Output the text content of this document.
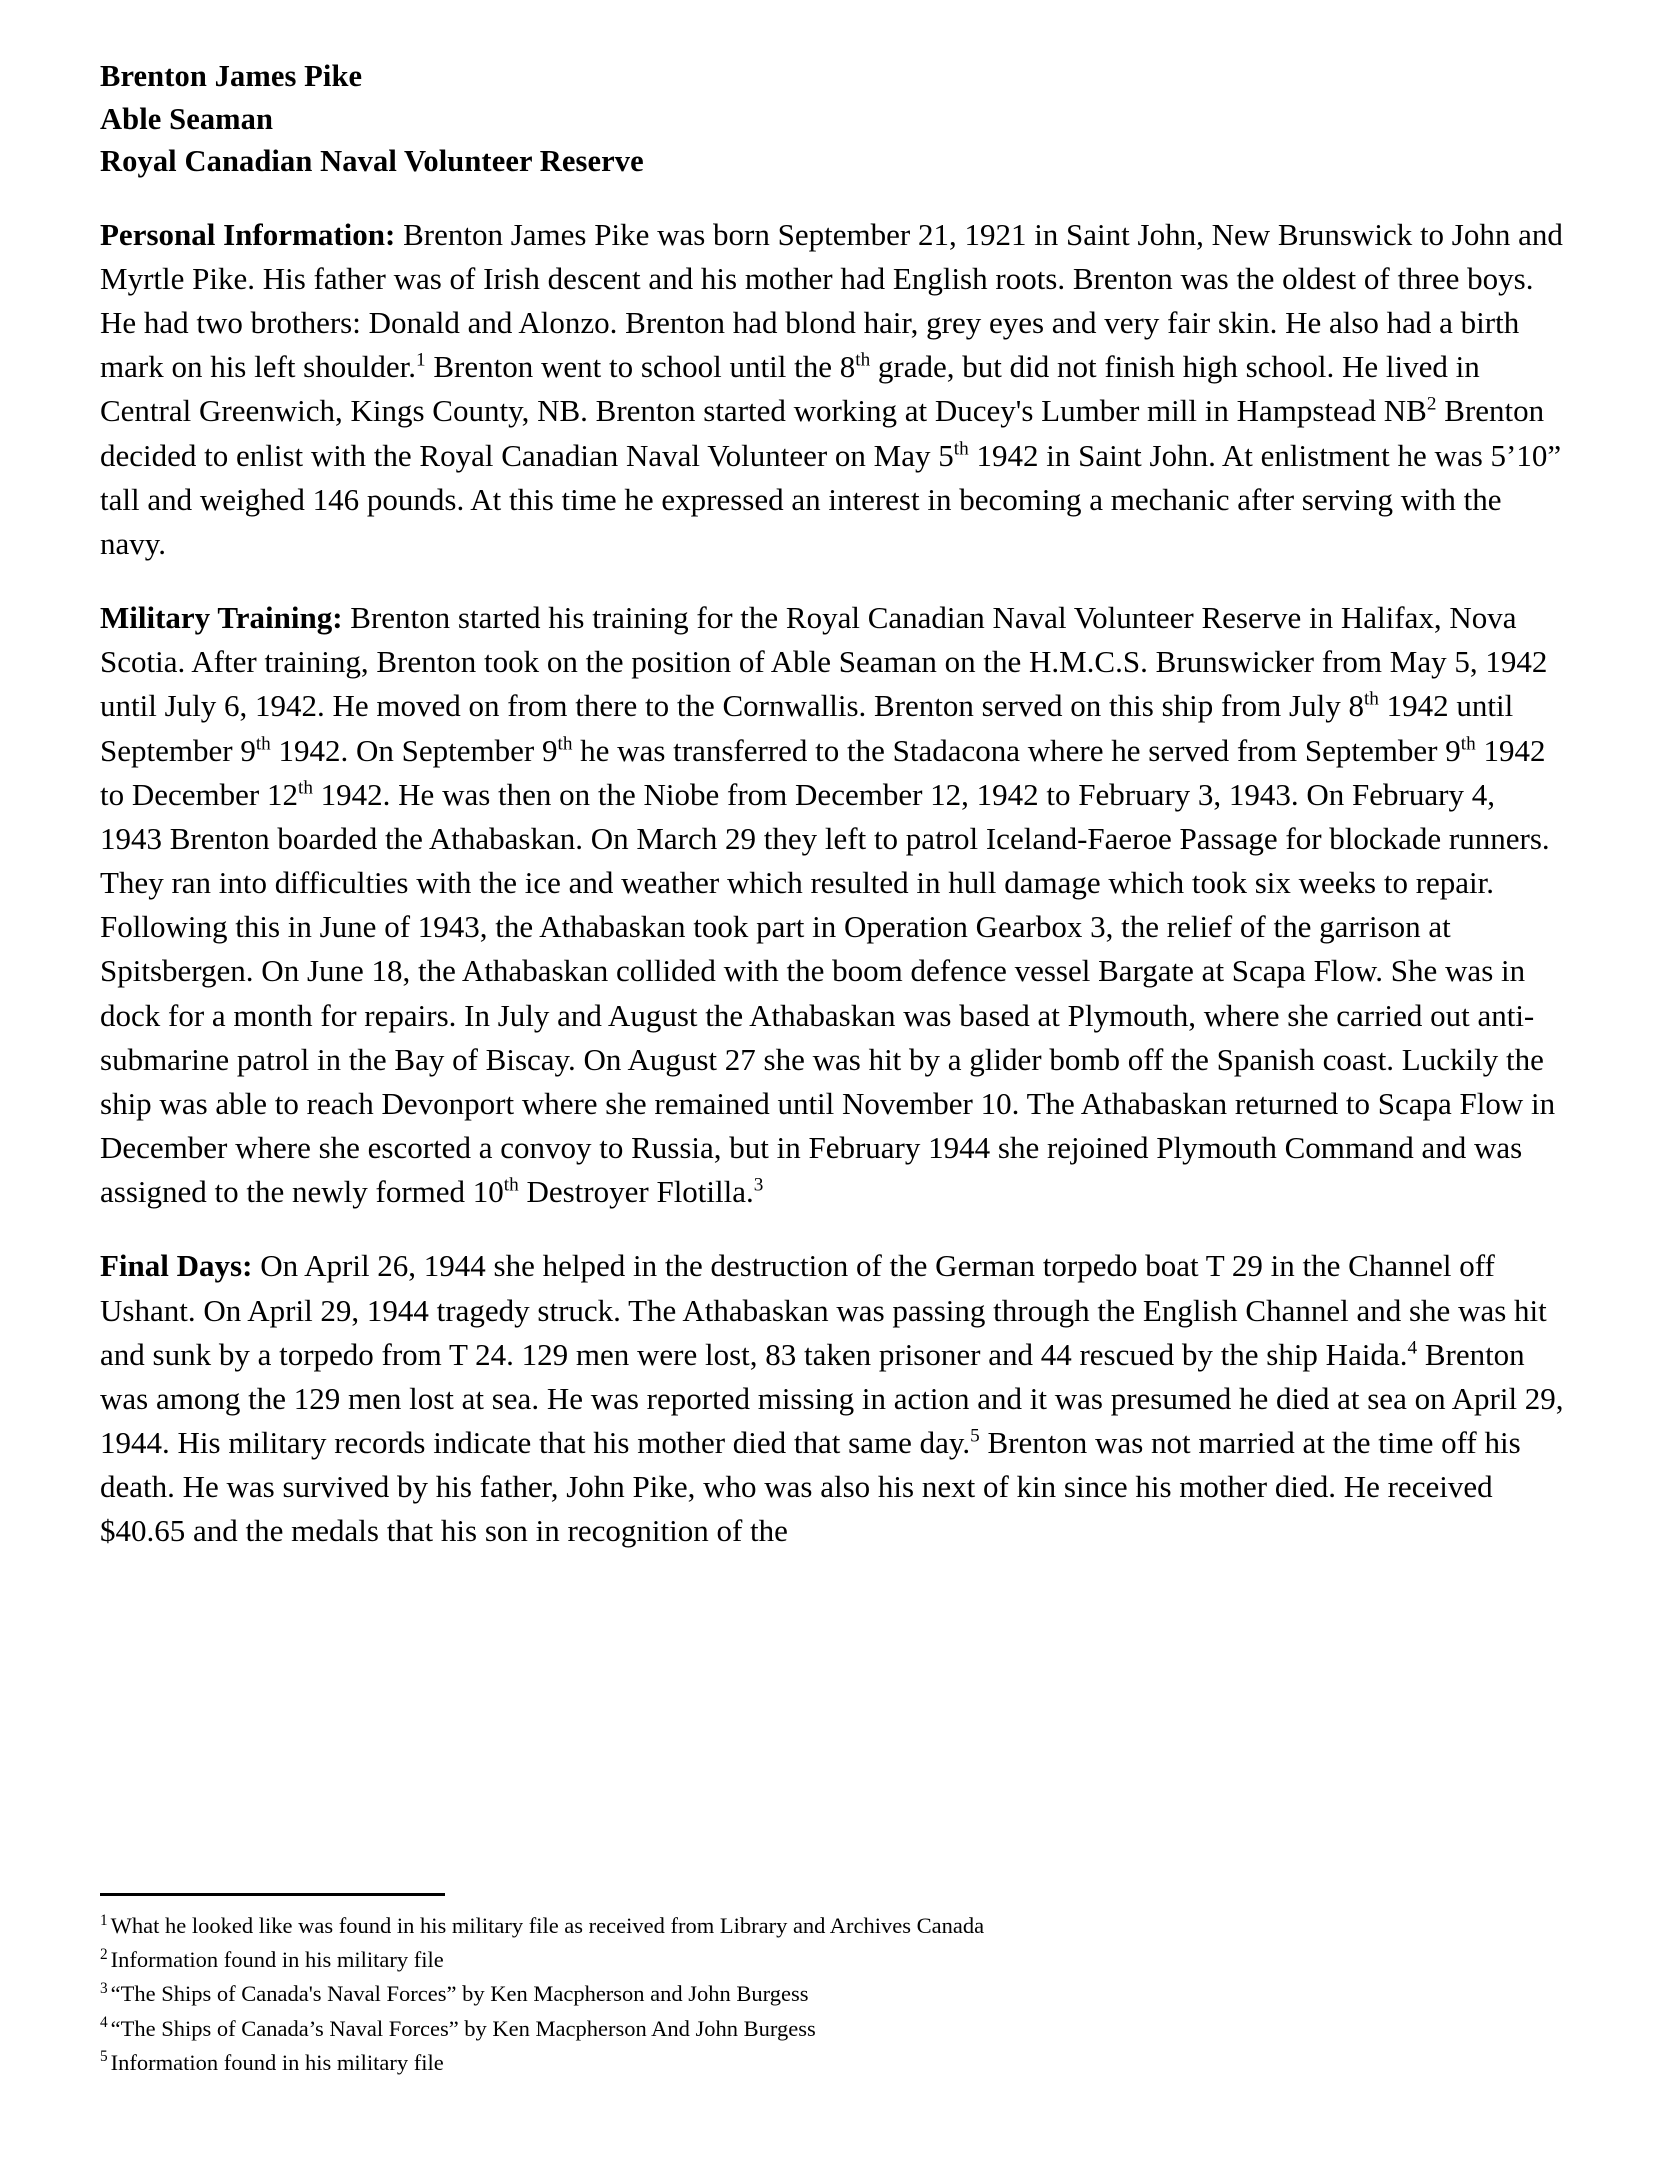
Brenton James Pike
Able Seaman
Royal Canadian Naval Volunteer Reserve

Personal Information: Brenton James Pike was born September 21, 1921 in Saint John, New Brunswick to John and Myrtle Pike. His father was of Irish descent and his mother had English roots. Brenton was the oldest of three boys. He had two brothers: Donald and Alonzo. Brenton had blond hair, grey eyes and very fair skin. He also had a birth mark on his left shoulder.$^1$ Brenton went to school until the 8th grade, but did not finish high school. He lived in Central Greenwich, Kings County, NB. Brenton started working at Ducey's Lumber mill in Hampstead $NB^2$ Brenton decided to enlist with the Royal Canadian Naval Volunteer on May 5th 1942 in Saint John. At enlistment he was 5’10” tall and weighed 146 pounds. At this time he expressed an interest in becoming a mechanic after serving with the navy.

Military Training: Brenton started his training for the Royal Canadian Naval Volunteer Reserve in Halifax, Nova Scotia. After training, Brenton took on the position of Able Seaman on the H.M.C.S. Brunswicker from May 5, 1942 until July 6, 1942. He moved on from there to the Cornwallis. Brenton served on this ship from July 8th 1942 until September 9th 1942. On September 9th he was transferred to the Stadacona where he served from September 9th 1942 to December 12th 1942. He was then on the Niobe from December 12, 1942 to February 3, 1943. On February 4, 1943 Brenton boarded the Athabaskan. On March 29 they left to patrol Iceland-Faeroe Passage for blockade runners. They ran into difficulties with the ice and weather which resulted in hull damage which took six weeks to repair. Following this in June of 1943, the Athabaskan took part in Operation Gearbox 3, the relief of the garrison at Spitsbergen. On June 18, the Athabaskan collided with the boom defence vessel Bargate at Scapa Flow. She was in dock for a month for repairs. In July and August the Athabaskan was based at Plymouth, where she carried out anti-submarine patrol in the Bay of Biscay. On August 27 she was hit by a glider bomb off the Spanish coast. Luckily the ship was able to reach Devonport where she remained until November 10. The Athabaskan returned to Scapa Flow in December where she escorted a convoy to Russia, but in February 1944 she rejoined Plymouth Command and was assigned to the newly formed 10th Destroyer Flotilla.$^3$

Final Days: On April 26, 1944 she helped in the destruction of the German torpedo boat T 29 in the Channel off Ushant. On April 29, 1944 tragedy struck. The Athabaskan was passing through the English Channel and she was hit and sunk by a torpedo from T 24. 129 men were lost, 83 taken prisoner and 44 rescued by the ship Haida.$^4$ Brenton was among the 129 men lost at sea. He was reported missing in action and it was presumed he died at sea on April 29, 1944. His military records indicate that his mother died that same day.$^5$ Brenton was not married at the time off his death. He was survived by his father, John Pike, who was also his next of kin since his mother died. He received $40.65 and the medals that his son in recognition of the

$^1$ What he looked like was found in his military file as received from Library and Archives Canada
$^2$ Information found in his military file
$^3$ “The Ships of Canada's Naval Forces” by Ken Macpherson and John Burgess
$^4$ “The Ships of Canada’s Naval Forces” by Ken Macpherson And John Burgess
$^5$ Information found in his military file
